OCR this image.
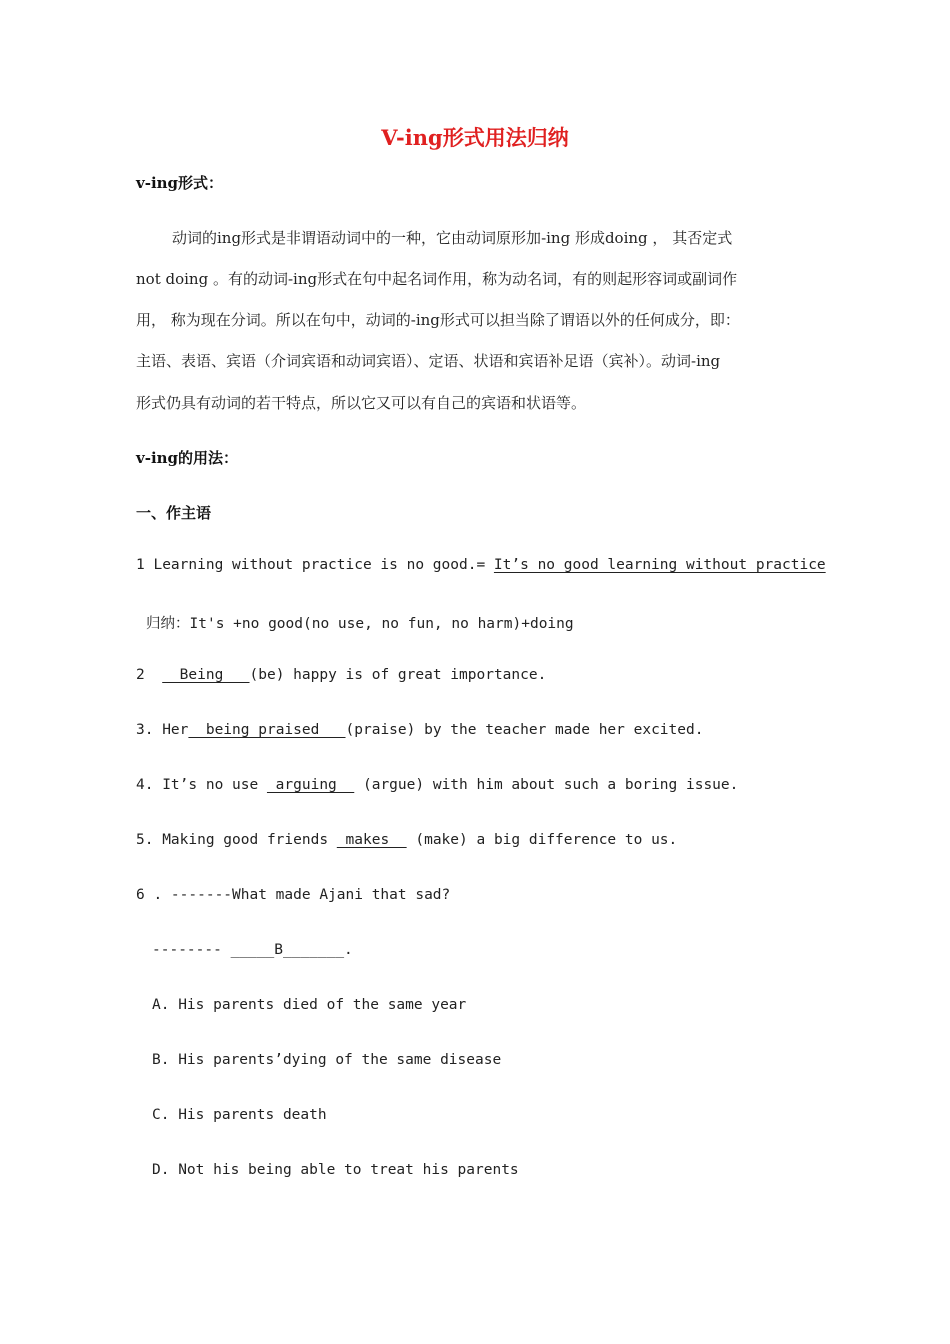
V-ing形式用法归纳
v-ing形式：
动词的ing形式是非谓语动词中的一种，它由动词原形加-ing 形成doing ， 其否定式
not doing 。有的动词-ing形式在句中起名词作用，称为动名词，有的则起形容词或副词作
用， 称为现在分词。所以在句中，动词的-ing形式可以担当除了谓语以外的任何成分，即：
主语、表语、宾语（介词宾语和动词宾语）、定语、状语和宾语补足语（宾补）。动词-ing
形式仍具有动词的若干特点，所以它又可以有自己的宾语和状语等。
v-ing的用法：
一、作主语
1 Learning without practice is no good.= It’s no good learning without practice
归纳：It's +no good(no use, no fun, no harm)+doing
2    Being   (be) happy is of great importance.
3. Her  being praised   (praise) by the teacher made her excited.
4. It’s no use  arguing   (argue) with him about such a boring issue.
5. Making good friends  makes   (make) a big difference to us.
6 . -------What made Ajani that sad?
-------- _____B_______.
A. His parents died of the same year
B. His parents’dying of the same disease
C. His parents death
D. Not his being able to treat his parents
